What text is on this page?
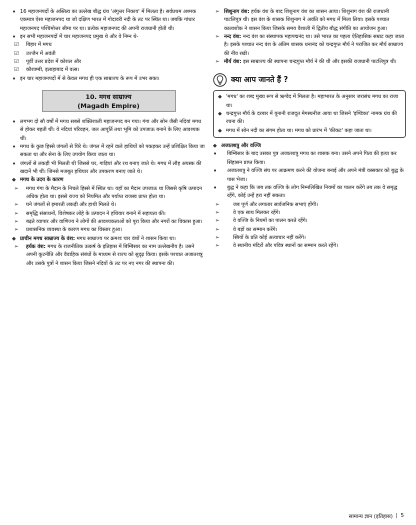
• 16 महाजनपदों के अस्तित्व का उल्लेख बौद्ध ग्रंथ 'अंगुत्तर निकाय' में मिलता है। सर्वप्रथम अश्मक एकमात्र ऐसा महाजनपद था जो दक्षिण भारत में गोदावरी नदी के तट पर स्थित था। जबकि गांधार महाजनपद पश्चिमोत्तर सीमा पर था। प्रत्येक महाजनपद की अपनी राजधानी होती थी।

• इन सभी महाजनपदों में चार महाजनपद प्रमुख थे और वे निम्न थे-

☑ बिहार में मगध

☑ उज्जैन में अवंती

☑ पूर्वी उत्तर प्रदेश में कोशल और

☑ कौशाम्बी, इलाहाबाद में वत्स।

• इन चार महाजनपदों में से केवल मगध ही एक साम्राज्य के रूप में उभर सका।

10. मगध साम्राज्य
(Magadh Empire)

• लगभग दो सौ वर्षों में मगध सबसे शक्तिशाली महाजनपद बन गया। गंगा और सोन जैसी नदियां मगध से होकर बहती थीं। ये नदियां परिवहन, जल आपूर्ति तथा भूमि को उपजाऊ बनाने के लिए आवश्यक थीं।

• मगध के कुछ हिस्से जंगलों से घिरे थे। जंगल में रहने वाले हाथियों को पकड़कर उन्हें प्रशिक्षित किया जा सकता था और सेना के लिए उपयोग किया जाता था।

• जंगलों से लकड़ी भी मिलती थी जिससे घर, गाड़ियां और रथ बनाए जाते थे। मगध में लौह अयस्क की खदानें भी थीं। जिनसे मजबूत हथियार और उपकरण बनाए जाते थे।

◆ मगध के उदय के कारण

➢ मगध गंगा के मैदान के निचले हिस्से में स्थित था। यहाँ का मैदान उपजाऊ था जिससे कृषि उत्पादन अधिक होता था। इससे राज्य को नियमित और पर्याप्त राजस्व प्राप्त होता था।

➢ घने जंगलों से इमारती लकड़ी और हाथी मिलते थे।

➢ समृद्धि संसाधनों, विशेषकर लोहे के उत्पादन ने हथियार बनाने में सहायता की।

➢ बढ़ते व्यापार और वाणिज्य ने लोगों की आवश्यकताओं को पूरा किया और नगरों का विकास हुआ।

➢ प्रशासनिक व्यवस्था के कारण मगध का विस्तार हुआ।

◆ प्राचीन मगध साम्राज्य के वंश: मगध साम्राज्य पर क्रमशः चार वंशों ने शासन किया था।

➢ हर्यक वंश: मगध के राजनीतिक उत्कर्ष के इतिहास में बिम्बिसार का नाम उल्लेखनीय है। उसने अपनी कूटनीति और वैवाहिक संबंधों के माध्यम से राज्य को सुदृढ़ किया। इसके पश्चात अजातशत्रु और उसके पुत्रों ने शासन किया जिसने नदियों के तट पर नए नगर की स्थापना की।

➢ शिशुनाग वंश: हर्यक वंश के बाद शिशुनाग वंश का शासन आया। शिशुनाग वंश की राजधानी पाटलिपुत्र थी। इस वंश के शासक शिशुनाग ने अवंति को मगध में मिला लिया। इसके पश्चात कालाशोक ने शासन किया जिसके समय वैशाली में द्वितीय बौद्ध संगीति का आयोजन हुआ।

➢ नन्द वंश: नन्द वंश का संस्थापक महापद्मनंद था। उसे भारत का पहला ऐतिहासिक सम्राट कहा जाता है। इसके पश्चात नन्द वंश के अंतिम शासक धनानंद को चन्द्रगुप्त मौर्य ने पराजित कर मौर्य साम्राज्य की नींव रखी।

➢ मौर्य वंश: इस साम्राज्य की स्थापना चन्द्रगुप्त मौर्य ने की थी और इसकी राजधानी पाटलिपुत्र थी।

क्या आप जानते हैं ?

◆ 'मगध' का शब्द मुख्य रूप से ऋग्वेद में मिलता है। महाभारत के अनुसार जरासंध मगध का राजा था।

◆ चन्द्रगुप्त मौर्य के दरबार में यूनानी राजदूत मेगस्थनीज आया था जिसने 'इण्डिका' नामक ग्रंथ की रचना की।

◆ मगध में सोन नदी का संगम होता था। मगध को प्रारंभ में 'कीकट' कहा जाता था।

◆ अजातशत्रु और वज्जि

• बिम्बिसार के बाद उसका पुत्र अजातशत्रु मगध का शासक बना। उसने अपने पिता की हत्या कर सिंहासन प्राप्त किया।

• अजातशत्रु ने वज्जि संघ पर आक्रमण करने की योजना बनाई और अपने मंत्री वस्सकार को बुद्ध के पास भेजा।

• बुद्ध ने कहा कि जब तक वज्जि के लोग निम्नलिखित नियमों का पालन करेंगे तब तक वे समृद्ध रहेंगे, कोई उन्हें हरा नहीं सकता।

➢ जब पूर्ण और लगातार सार्वजनिक सभाएं होंगी।

➢ वे एक साथ मिलकर रहेंगे।

➢ वे वज्जि के नियमों का पालन करते रहेंगे।

➢ वे बड़ों का सम्मान करेंगे।

➢ स्त्रियों के प्रति कोई अत्याचार नहीं करेंगे।

➢ वे स्थानीय मंदिरों और पवित्र स्थानों का सम्मान करते रहेंगे।

सामान्य ज्ञान (इतिहास) | 5
